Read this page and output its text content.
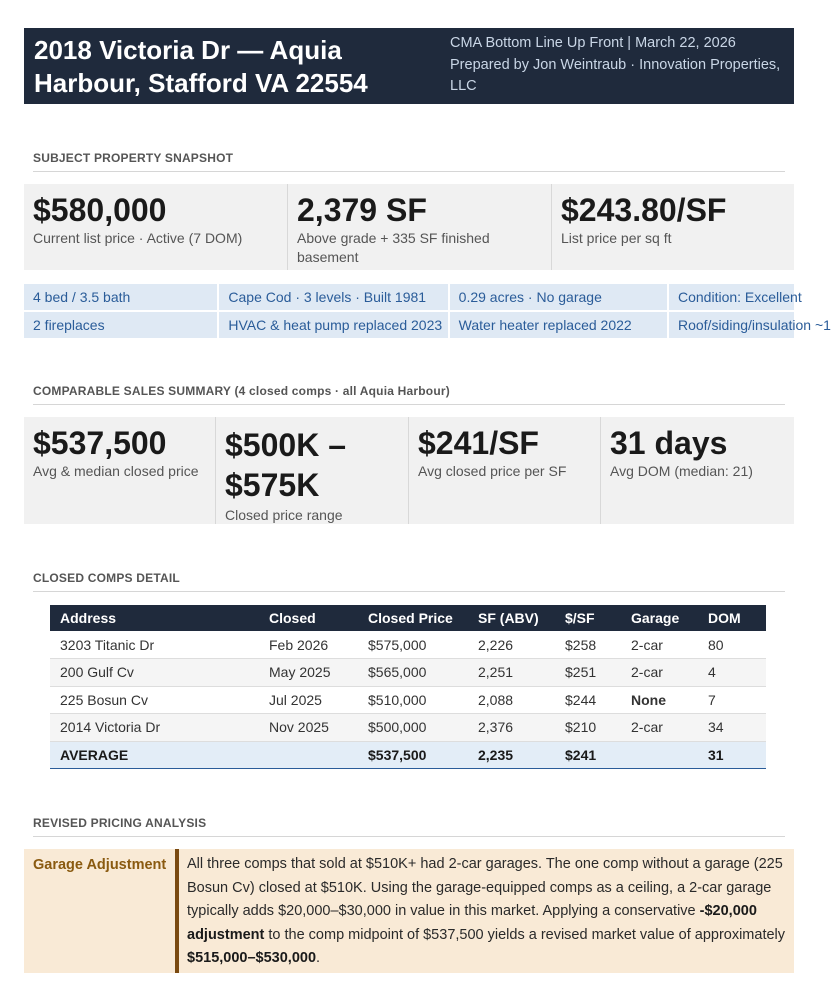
2018 Victoria Dr — Aquia Harbour, Stafford VA 22554
CMA Bottom Line Up Front | March 22, 2026
Prepared by Jon Weintraub · Innovation Properties, LLC
SUBJECT PROPERTY SNAPSHOT
$580,000
Current list price · Active (7 DOM)
2,379 SF
Above grade + 335 SF finished basement
$243.80/SF
List price per sq ft
4 bed / 3.5 bath	Cape Cod · 3 levels · Built 1981	0.29 acres · No garage	Condition: Excellent
2 fireplaces	HVAC & heat pump replaced 2023	Water heater replaced 2022	Roof/siding/insulation ~1
COMPARABLE SALES SUMMARY (4 closed comps · all Aquia Harbour)
$537,500
Avg & median closed price
$500K – $575K
Closed price range
$241/SF
Avg closed price per SF
31 days
Avg DOM (median: 21)
CLOSED COMPS DETAIL
Address	Closed	Closed Price	SF (ABV)	$/SF	Garage	DOM
3203 Titanic Dr	Feb 2026	$575,000	2,226	$258	2-car	80
200 Gulf Cv	May 2025	$565,000	2,251	$251	2-car	4
225 Bosun Cv	Jul 2025	$510,000	2,088	$244	None	7
2014 Victoria Dr	Nov 2025	$500,000	2,376	$210	2-car	34
AVERAGE		$537,500	2,235	$241		31
REVISED PRICING ANALYSIS
Garage Adjustment	All three comps that sold at $510K+ had 2-car garages. The one comp without a garage (225 Bosun Cv) closed at $510K. Using the garage-equipped comps as a ceiling, a 2-car garage typically adds $20,000–$30,000 in value in this market. Applying a conservative -$20,000 adjustment to the comp midpoint of $537,500 yields a revised market value of approximately $515,000–$530,000.
